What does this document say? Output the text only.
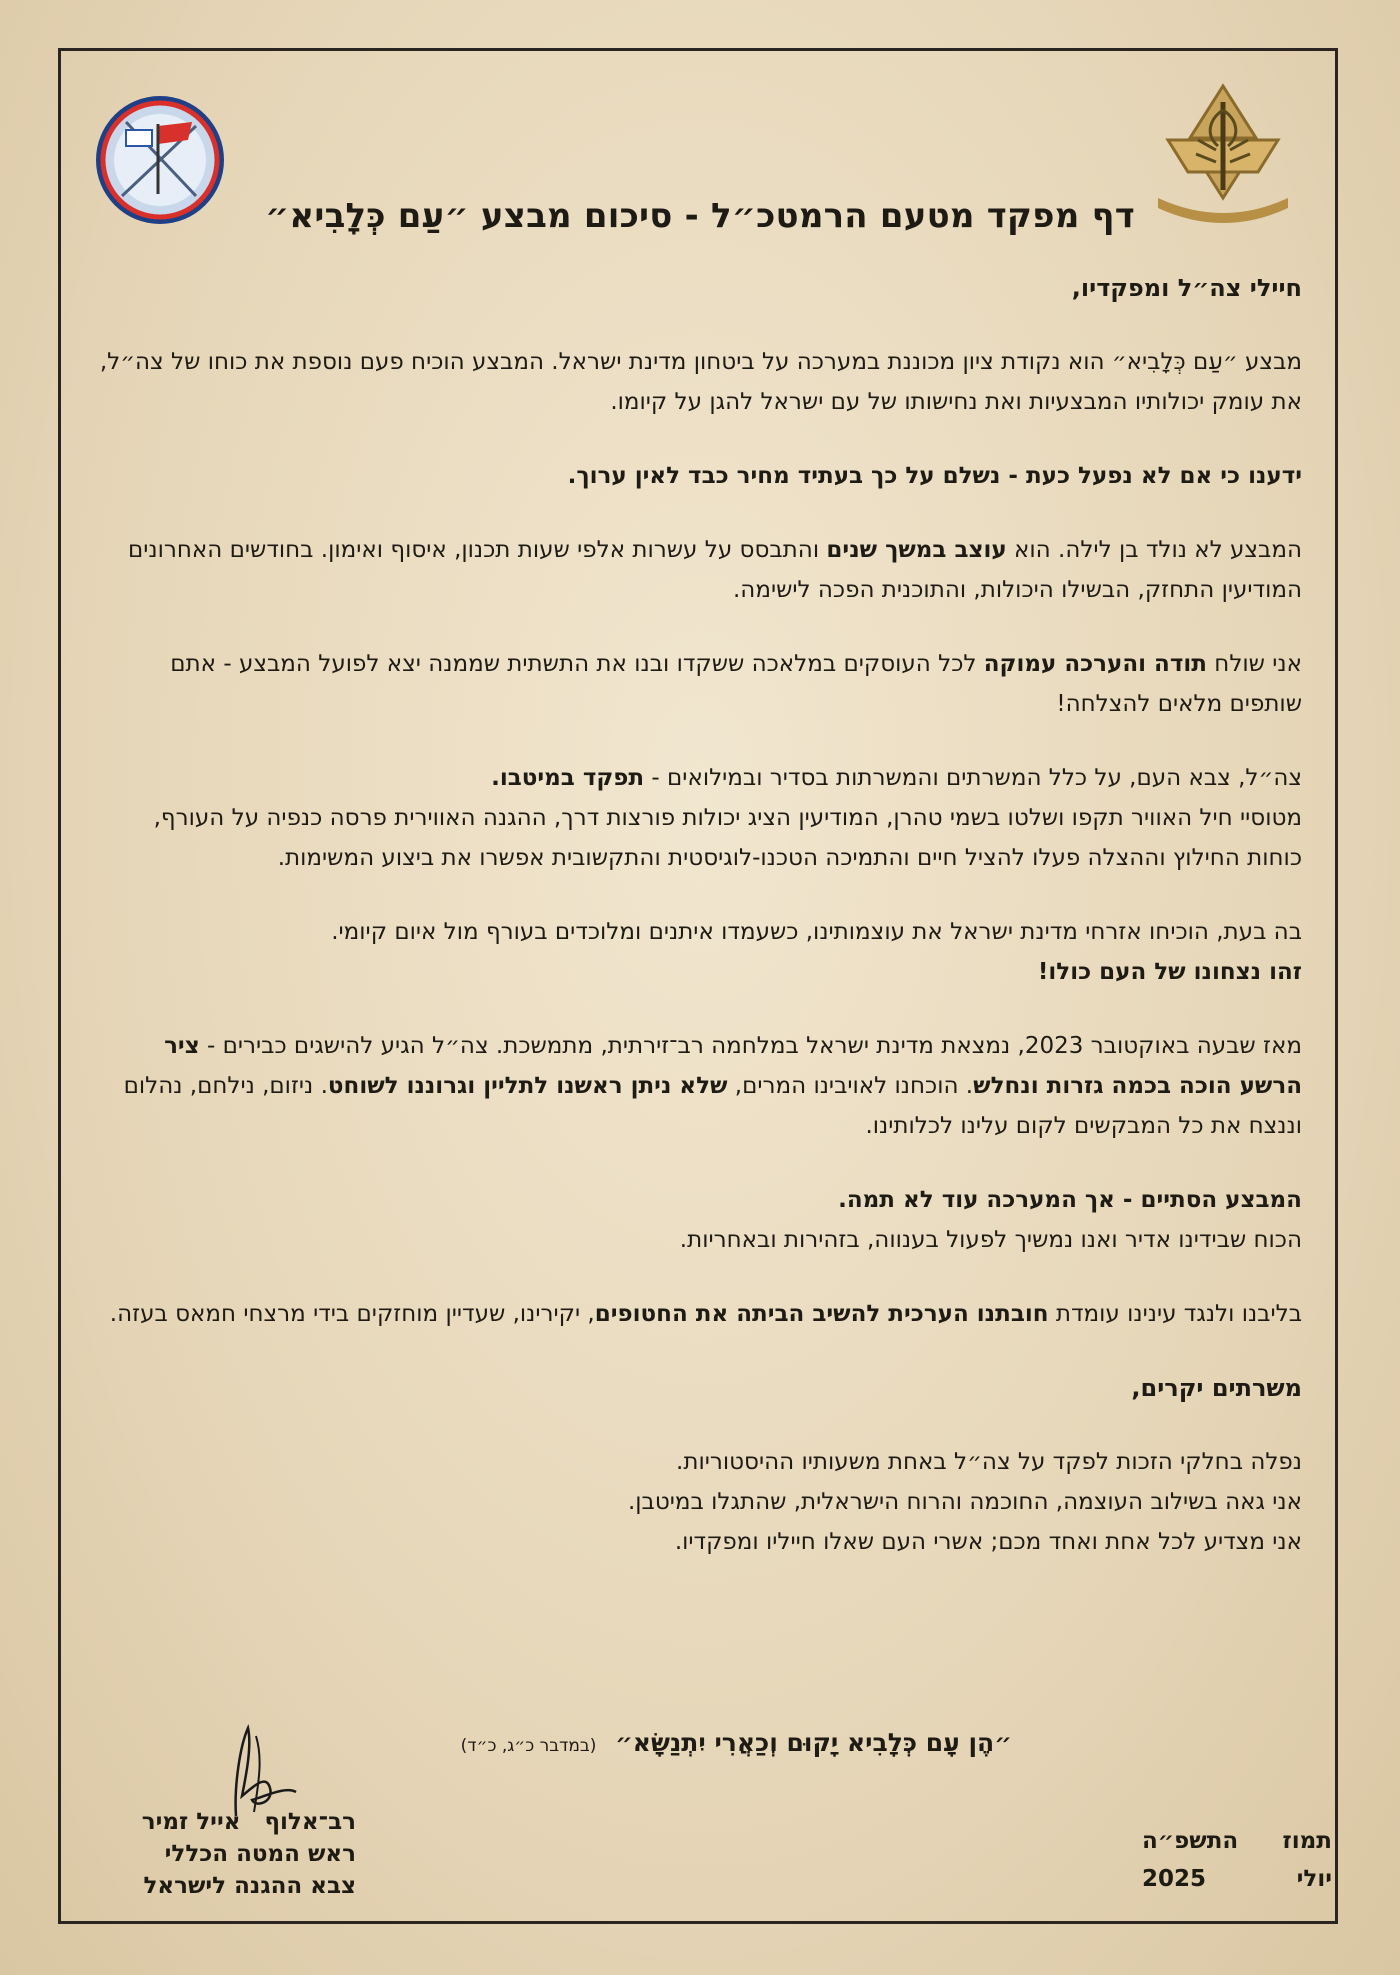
דף מפקד מטעם הרמטכ״ל - סיכום מבצע ״עַם כְּלָבִיא״

חיילי צה״ל ומפקדיו,

מבצע ״עַם כְּלָבִיא״ הוא נקודת ציון מכוננת במערכה על ביטחון מדינת ישראל. המבצע הוכיח פעם נוספת את כוחו של צה״ל, את עומק יכולותיו המבצעיות ואת נחישותו של עם ישראל להגן על קיומו.

ידענו כי אם לא נפעל כעת - נשלם על כך בעתיד מחיר כבד לאין ערוך.

המבצע לא נולד בן לילה. הוא עוצב במשך שנים והתבסס על עשרות אלפי שעות תכנון, איסוף ואימון. בחודשים האחרונים המודיעין התחזק, הבשילו היכולות, והתוכנית הפכה לישימה.

אני שולח תודה והערכה עמוקה לכל העוסקים במלאכה ששקדו ובנו את התשתית שממנה יצא לפועל המבצע - אתם שותפים מלאים להצלחה!

צה״ל, צבא העם, על כלל המשרתים והמשרתות בסדיר ובמילואים - תפקד במיטבו.
מטוסיי חיל האוויר תקפו ושלטו בשמי טהרן, המודיעין הציג יכולות פורצות דרך, ההגנה האווירית פרסה כנפיה על העורף, כוחות החילוץ וההצלה פעלו להציל חיים והתמיכה הטכנו-לוגיסטית והתקשובית אפשרו את ביצוע המשימות.

בה בעת, הוכיחו אזרחי מדינת ישראל את עוצמותינו, כשעמדו איתנים ומלוכדים בעורף מול איום קיומי.
זהו נצחונו של העם כולו!

מאז שבעה באוקטובר 2023, נמצאת מדינת ישראל במלחמה רב־זירתית, מתמשכת. צה״ל הגיע להישגים כבירים - ציר הרשע הוכה בכמה גזרות ונחלש. הוכחנו לאויבינו המרים, שלא ניתן ראשנו לתליין וגרוננו לשוחט. ניזום, נילחם, נהלום וננצח את כל המבקשים לקום עלינו לכלותינו.

המבצע הסתיים - אך המערכה עוד לא תמה.
הכוח שבידינו אדיר ואנו נמשיך לפעול בענווה, בזהירות ובאחריות.

בליבנו ולנגד עינינו עומדת חובתנו הערכית להשיב הביתה את החטופים, יקירינו, שעדיין מוחזקים בידי מרצחי חמאס בעזה.

משרתים יקרים,

נפלה בחלקי הזכות לפקד על צה״ל באחת משעותיו ההיסטוריות.
אני גאה בשילוב העוצמה, החוכמה והרוח הישראלית, שהתגלו במיטבן.
אני מצדיע לכל אחת ואחד מכם; אשרי העם שאלו חייליו ומפקדיו.

״הֶן עָם כְּלָבִיא יָקוּם וְכַאֲרִי יִתְנַשָּׂא״ (במדבר כ״ג, כ״ד)
רב־אלוף   אייל זמיר
ראש המטה הכללי
צבא ההגנה לישראל
תמוז
התשפ״ה
יולי
2025
